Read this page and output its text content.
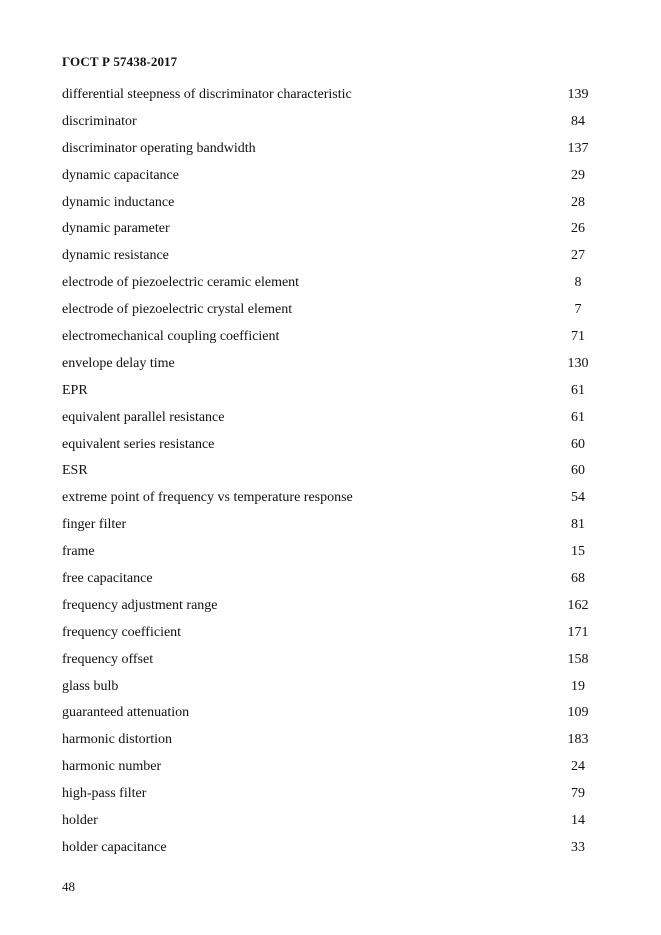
ГОСТ Р 57438-2017
differential steepness of discriminator characteristic	139
discriminator	84
discriminator operating bandwidth	137
dynamic capacitance	29
dynamic inductance	28
dynamic parameter	26
dynamic resistance	27
electrode of piezoelectric ceramic element	8
electrode of piezoelectric crystal element	7
electromechanical coupling coefficient	71
envelope delay time	130
EPR	61
equivalent parallel resistance	61
equivalent series resistance	60
ESR	60
extreme point of frequency vs temperature response	54
finger filter	81
frame	15
free capacitance	68
frequency adjustment range	162
frequency coefficient	171
frequency offset	158
glass bulb	19
guaranteed attenuation	109
harmonic distortion	183
harmonic number	24
high-pass filter	79
holder	14
holder capacitance	33
48
